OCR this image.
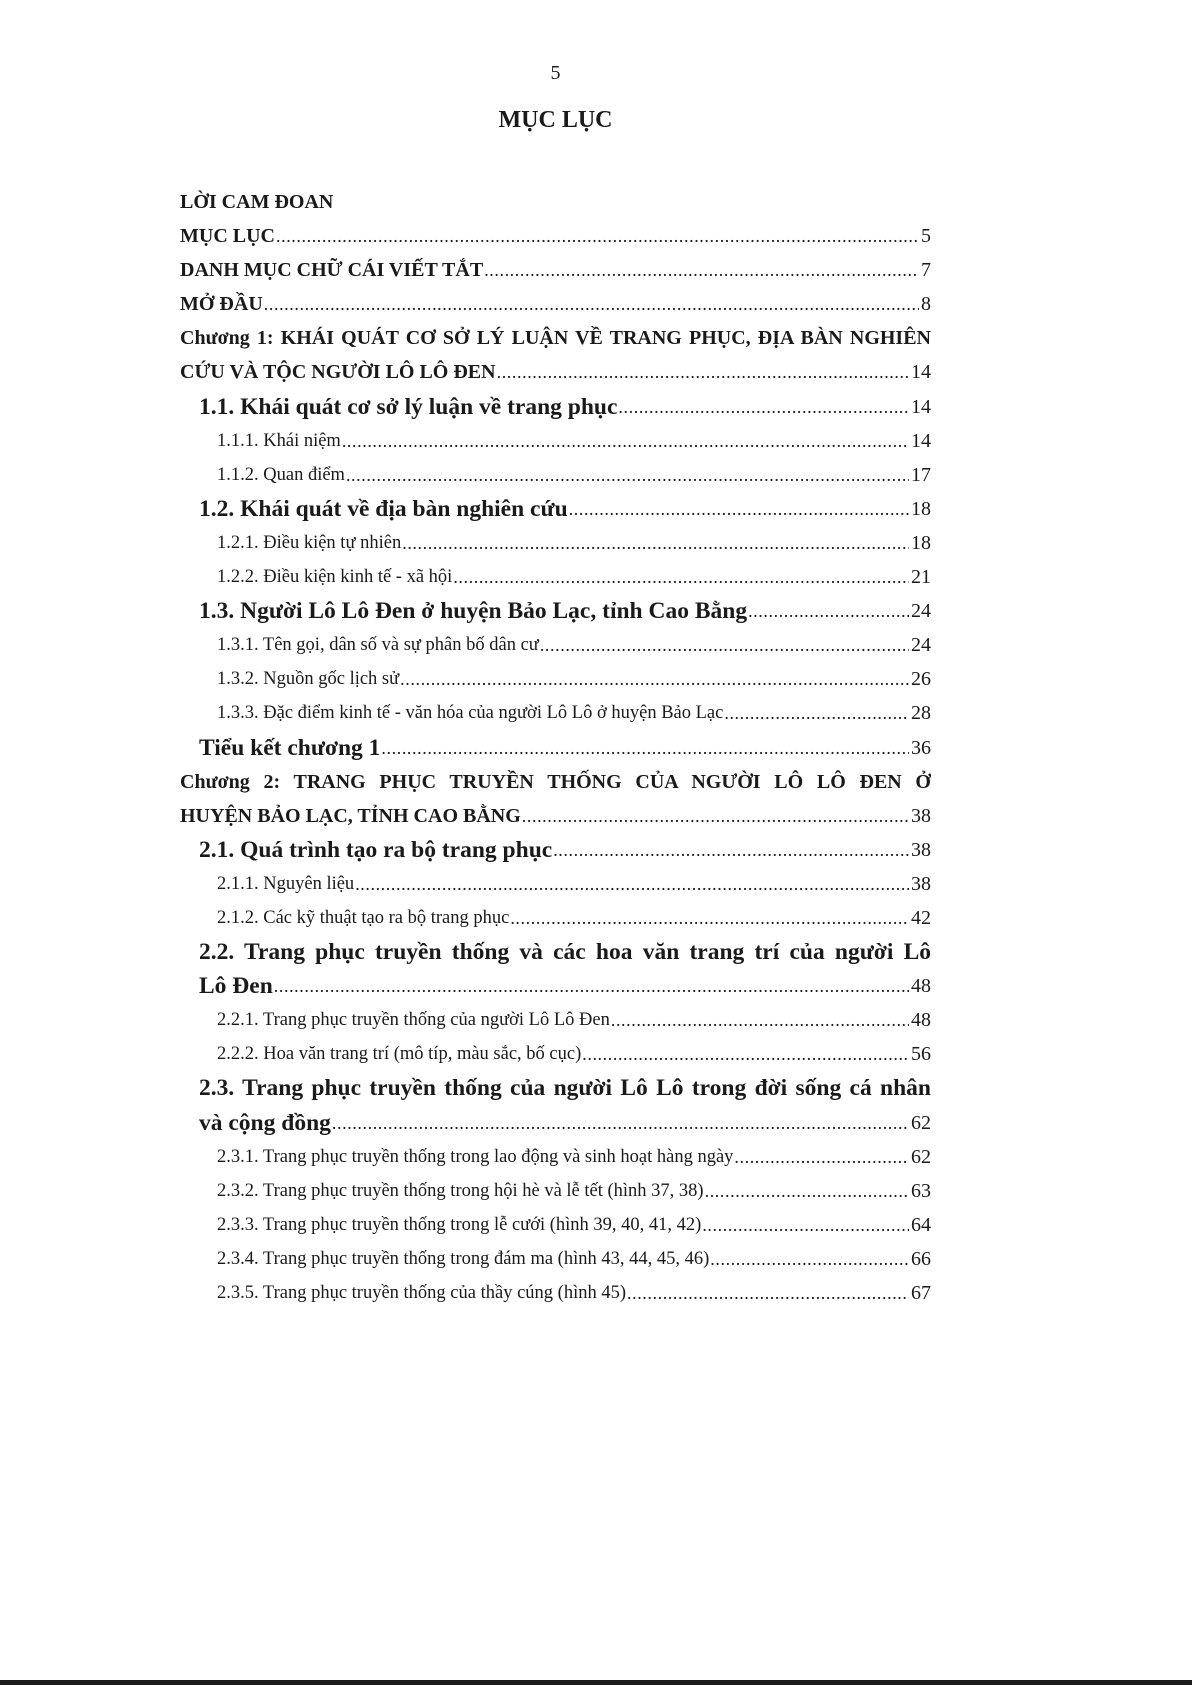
5
MỤC LỤC
LỜI CAM ĐOAN
MỤC LỤC .....	5
DANH MỤC CHỮ CÁI VIẾT TẮT .....	7
MỞ ĐẦU .....	8
Chương 1: KHÁI QUÁT CƠ SỞ LÝ LUẬN VỀ TRANG PHỤC, ĐỊA BÀN NGHIÊN
CỨU VÀ TỘC NGƯỜI LÔ LÔ ĐEN .....	14
1.1. Khái quát cơ sở lý luận về trang phục .....	14
1.1.1. Khái niệm .....	14
1.1.2. Quan điểm .....	17
1.2. Khái quát về địa bàn nghiên cứu .....	18
1.2.1. Điều kiện tự nhiên .....	18
1.2.2. Điều kiện kinh tế - xã hội .....	21
1.3. Người Lô Lô Đen ở huyện Bảo Lạc, tỉnh Cao Bằng .....	24
1.3.1. Tên gọi, dân số và sự phân bố dân cư .....	24
1.3.2. Nguồn gốc lịch sử .....	26
1.3.3. Đặc điểm kinh tế - văn hóa của người Lô Lô ở huyện Bảo Lạc .....	28
Tiểu kết chương 1 .....	36
Chương 2: TRANG PHỤC TRUYỀN THỐNG CỦA NGƯỜI LÔ LÔ ĐEN Ở
HUYỆN BẢO LẠC, TỈNH CAO BẰNG .....	38
2.1. Quá trình tạo ra bộ trang phục .....	38
2.1.1. Nguyên liệu .....	38
2.1.2. Các kỹ thuật tạo ra bộ trang phục .....	42
2.2. Trang phục truyền thống và các hoa văn trang trí của người Lô
Lô Đen .....	48
2.2.1. Trang phục truyền thống của người Lô Lô Đen .....	48
2.2.2. Hoa văn trang trí (mô típ, màu sắc, bố cục) .....	56
2.3. Trang phục truyền thống của người Lô Lô trong đời sống cá nhân
và cộng đồng .....	62
2.3.1. Trang phục truyền thống trong lao động và sinh hoạt hàng ngày .....	62
2.3.2. Trang phục truyền thống trong hội hè và lễ tết (hình 37, 38) .....	63
2.3.3. Trang phục truyền thống trong lễ cưới (hình 39, 40, 41, 42) .....	64
2.3.4. Trang phục truyền thống trong đám ma (hình 43, 44, 45, 46) .....	66
2.3.5. Trang phục truyền thống của thầy cúng (hình 45) .....	67
